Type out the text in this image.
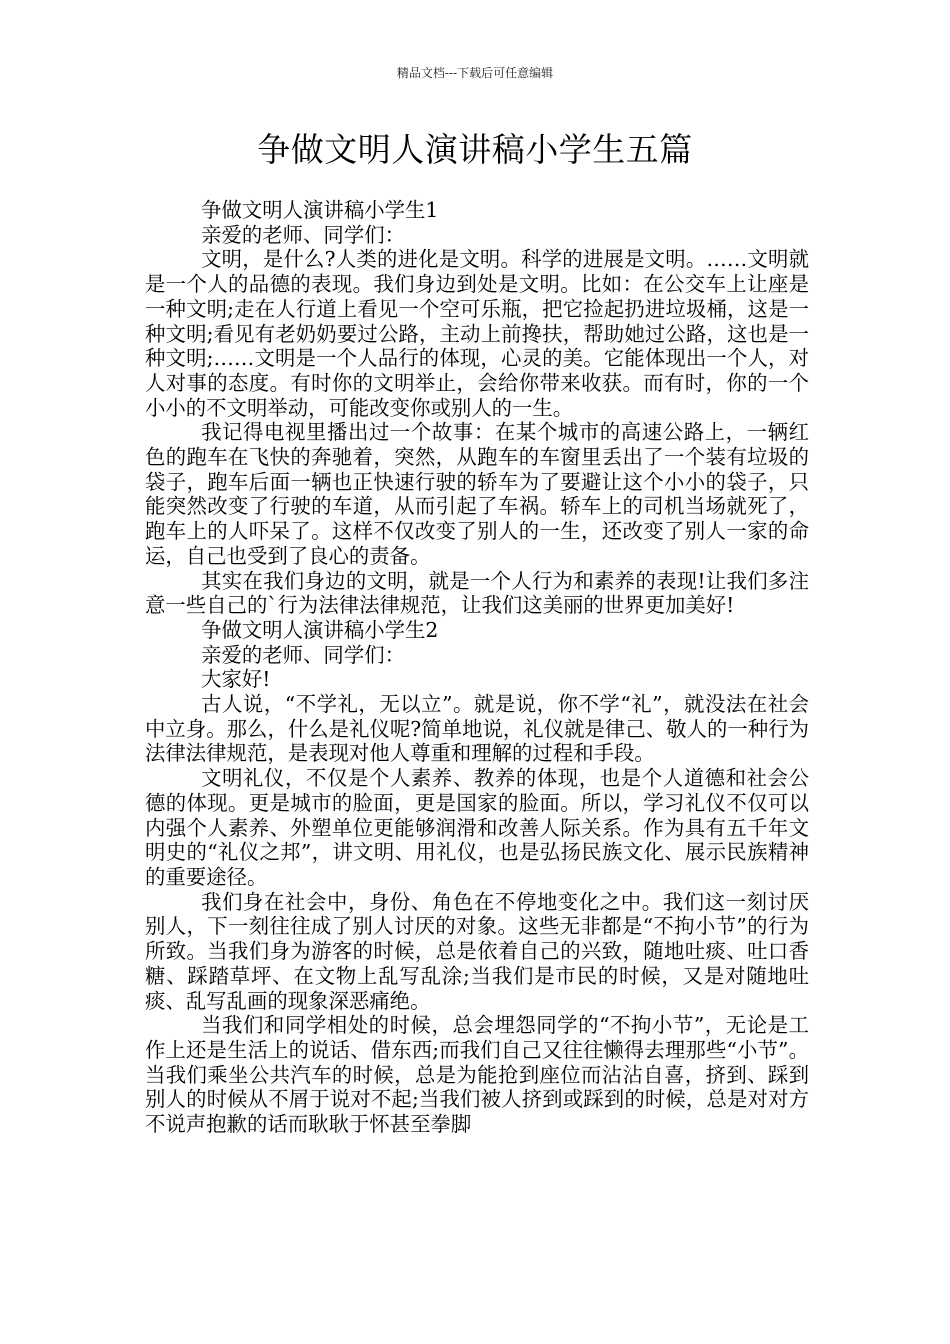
精品文档---下载后可任意编辑
争做文明人演讲稿小学生五篇

争做文明人演讲稿小学生1

亲爱的老师、同学们：

文明，是什么?人类的进化是文明。科学的进展是文明。……文明就是一个人的品德的表现。我们身边到处是文明。比如：在公交车上让座是一种文明;走在人行道上看见一个空可乐瓶，把它捡起扔进垃圾桶，这是一种文明;看见有老奶奶要过公路，主动上前搀扶，帮助她过公路，这也是一种文明;……文明是一个人品行的体现，心灵的美。它能体现出一个人，对人对事的态度。有时你的文明举止，会给你带来收获。而有时，你的一个小小的不文明举动，可能改变你或别人的一生。

我记得电视里播出过一个故事：在某个城市的高速公路上，一辆红色的跑车在飞快的奔驰着，突然，从跑车的车窗里丢出了一个装有垃圾的袋子，跑车后面一辆也正快速行驶的轿车为了要避让这个小小的袋子，只能突然改变了行驶的车道，从而引起了车祸。轿车上的司机当场就死了，跑车上的人吓呆了。这样不仅改变了别人的一生，还改变了别人一家的命运，自己也受到了良心的责备。

其实在我们身边的文明，就是一个人行为和素养的表现!让我们多注意一些自己的`行为法律法律规范，让我们这美丽的世界更加美好!

争做文明人演讲稿小学生2

亲爱的老师、同学们：

大家好!

古人说，“不学礼，无以立”。就是说，你不学“礼”，就没法在社会中立身。那么，什么是礼仪呢?简单地说，礼仪就是律己、敬人的一种行为法律法律规范，是表现对他人尊重和理解的过程和手段。

文明礼仪，不仅是个人素养、教养的体现，也是个人道德和社会公德的体现。更是城市的脸面，更是国家的脸面。所以，学习礼仪不仅可以内强个人素养、外塑单位更能够润滑和改善人际关系。作为具有五千年文明史的“礼仪之邦”，讲文明、用礼仪，也是弘扬民族文化、展示民族精神的重要途径。

我们身在社会中，身份、角色在不停地变化之中。我们这一刻讨厌别人，下一刻往往成了别人讨厌的对象。这些无非都是“不拘小节”的行为所致。当我们身为游客的时候，总是依着自己的兴致，随地吐痰、吐口香糖、踩踏草坪、在文物上乱写乱涂;当我们是市民的时候，又是对随地吐痰、乱写乱画的现象深恶痛绝。

当我们和同学相处的时候，总会埋怨同学的“不拘小节”，无论是工作上还是生活上的说话、借东西;而我们自己又往往懒得去理那些“小节”。当我们乘坐公共汽车的时候，总是为能抢到座位而沾沾自喜，挤到、踩到别人的时候从不屑于说对不起;当我们被人挤到或踩到的时候，总是对对方不说声抱歉的话而耿耿于怀甚至拳脚
